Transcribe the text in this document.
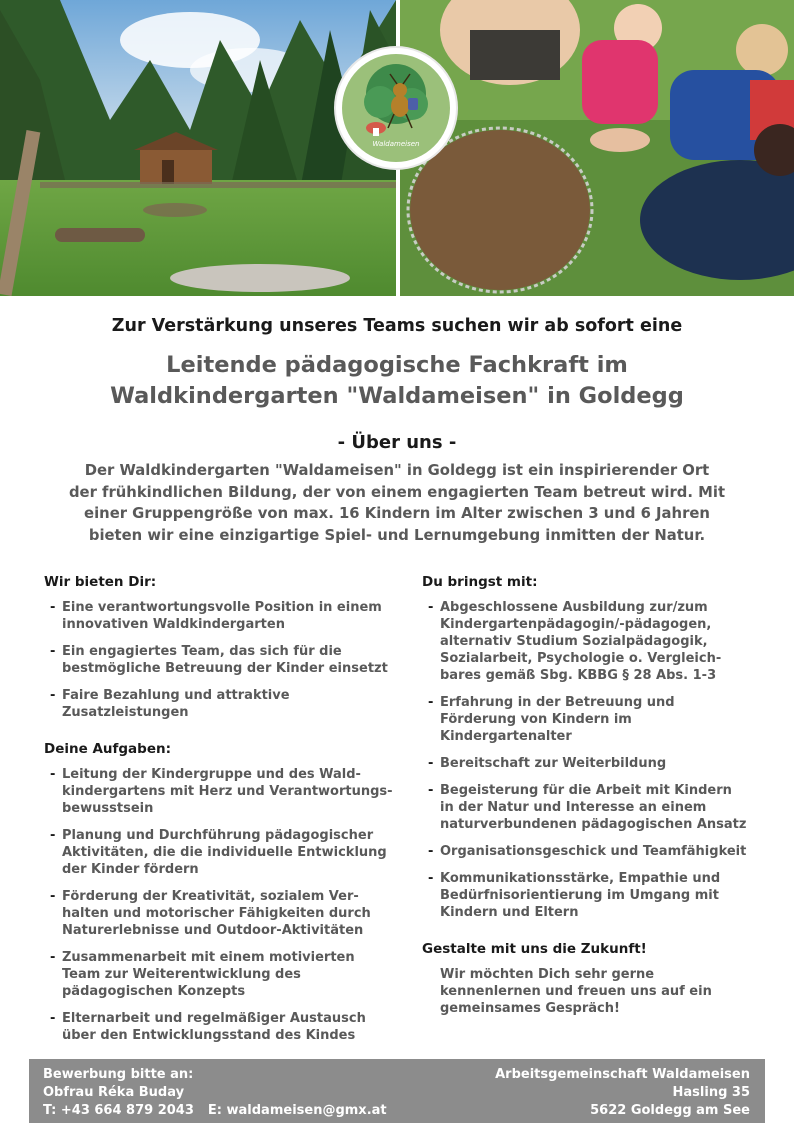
Waldameisen
Zur Verstärkung unseres Teams suchen wir ab sofort eine
Leitende pädagogische Fachkraft im
Waldkindergarten "Waldameisen" in Goldegg
- Über uns -
Der Waldkindergarten "Waldameisen" in Goldegg ist ein inspirierender Ort
der frühkindlichen Bildung, der von einem engagierten Team betreut wird. Mit
einer Gruppengröße von max. 16 Kindern im Alter zwischen 3 und 6 Jahren
bieten wir eine einzigartige Spiel- und Lernumgebung inmitten der Natur.
Wir bieten Dir:
- Eine verantwortungsvolle Position in einem
innovativen Waldkindergarten
- Ein engagiertes Team, das sich für die
bestmögliche Betreuung der Kinder einsetzt
- Faire Bezahlung und attraktive
Zusatzleistungen
Deine Aufgaben:
- Leitung der Kindergruppe und des Wald-
kindergartens mit Herz und Verantwortungs-
bewusstsein
- Planung und Durchführung pädagogischer
Aktivitäten, die die individuelle Entwicklung
der Kinder fördern
- Förderung der Kreativität, sozialem Ver-
halten und motorischer Fähigkeiten durch
Naturerlebnisse und Outdoor-Aktivitäten
- Zusammenarbeit mit einem motivierten
Team zur Weiterentwicklung des
pädagogischen Konzepts
- Elternarbeit und regelmäßiger Austausch
über den Entwicklungsstand des Kindes
Du bringst mit:
- Abgeschlossene Ausbildung zur/zum
Kindergartenpädagogin/-pädagogen,
alternativ Studium Sozialpädagogik,
Sozialarbeit, Psychologie o. Vergleich-
bares gemäß Sbg. KBBG § 28 Abs. 1-3
- Erfahrung in der Betreuung und
Förderung von Kindern im
Kindergartenalter
- Bereitschaft zur Weiterbildung
- Begeisterung für die Arbeit mit Kindern
in der Natur und Interesse an einem
naturverbundenen pädagogischen Ansatz
- Organisationsgeschick und Teamfähigkeit
- Kommunikationsstärke, Empathie und
Bedürfnisorientierung im Umgang mit
Kindern und Eltern
Gestalte mit uns die Zukunft!
Wir möchten Dich sehr gerne
kennenlernen und freuen uns auf ein
gemeinsames Gespräch!
Bewerbung bitte an:
Obfrau Réka Buday
T: +43 664 879 2043 E: waldameisen@gmx.at
Arbeitsgemeinschaft Waldameisen
Hasling 35
5622 Goldegg am See
